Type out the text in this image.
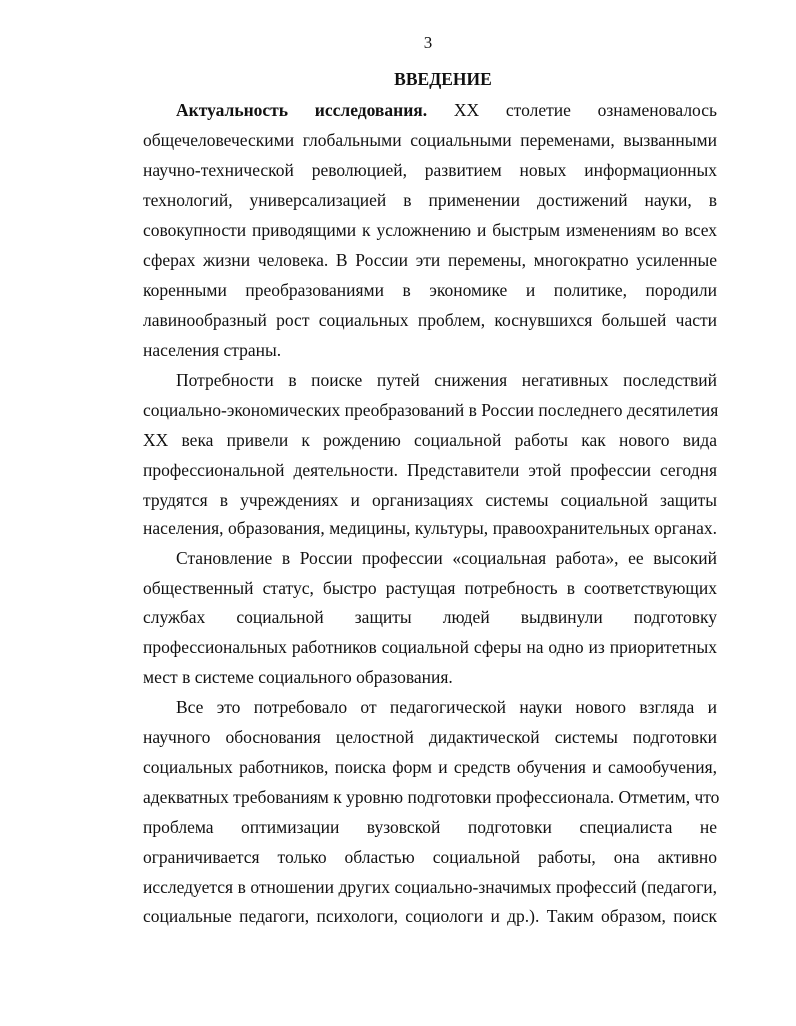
3
ВВЕДЕНИЕ
Актуальность исследования. XX столетие ознаменовалось
общечеловеческими глобальными социальными переменами, вызванными
научно-технической революцией, развитием новых информационных
технологий, универсализацией в применении достижений науки, в
совокупности приводящими к усложнению и быстрым изменениям во всех
сферах жизни человека. В России эти перемены, многократно усиленные
коренными преобразованиями в экономике и политике, породили
лавинообразный рост социальных проблем, коснувшихся большей части
населения страны.
Потребности в поиске путей снижения негативных последствий
социально-экономических преобразований в России последнего десятилетия
XX века привели к рождению социальной работы как нового вида
профессиональной деятельности. Представители этой профессии сегодня
трудятся в учреждениях и организациях системы социальной защиты
населения, образования, медицины, культуры, правоохранительных органах.
Становление в России профессии «социальная работа», ее высокий
общественный статус, быстро растущая потребность в соответствующих
службах социальной защиты людей выдвинули подготовку
профессиональных работников социальной сферы на одно из приоритетных
мест в системе социального образования.
Все это потребовало от педагогической науки нового взгляда и
научного обоснования целостной дидактической системы подготовки
социальных работников, поиска форм и средств обучения и самообучения,
адекватных требованиям к уровню подготовки профессионала. Отметим, что
проблема оптимизации вузовской подготовки специалиста не
ограничивается только областью социальной работы, она активно
исследуется в отношении других социально-значимых профессий (педагоги,
социальные педагоги, психологи, социологи и др.). Таким образом, поиск
